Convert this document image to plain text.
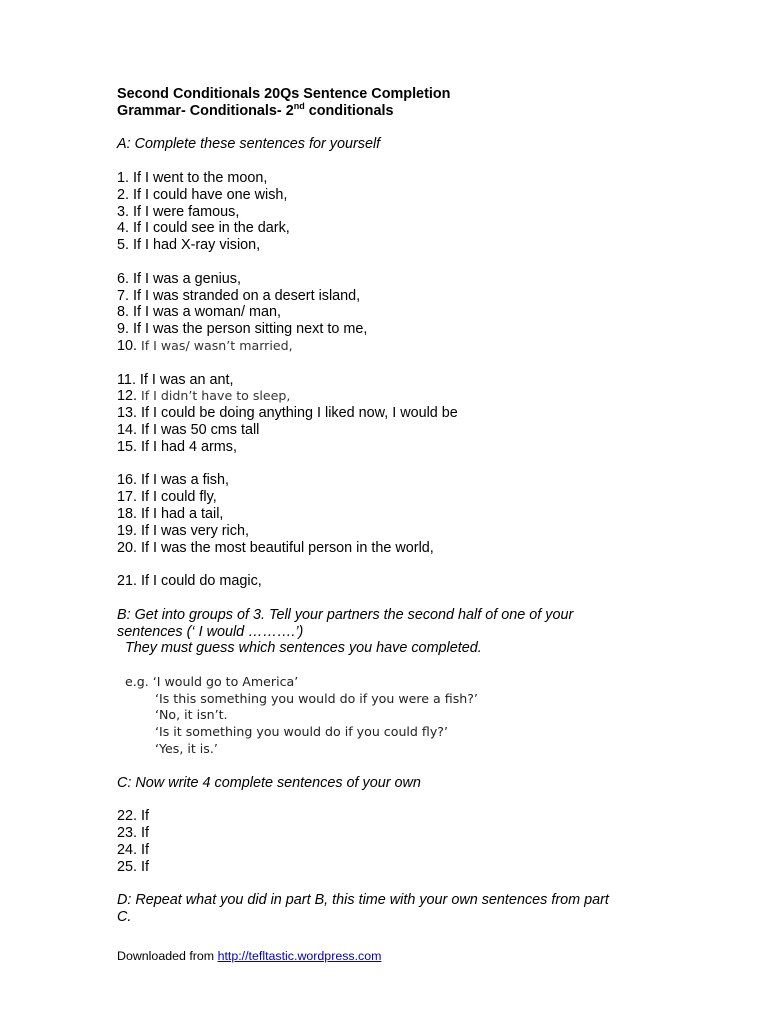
Second Conditionals 20Qs Sentence Completion

Grammar- Conditionals- 2nd conditionals

A: Complete these sentences for yourself

1. If I went to the moon,
2. If I could have one wish,
3. If I were famous,
4. If I could see in the dark,
5. If I had X-ray vision,
6. If I was a genius,
7. If I was stranded on a desert island,
8. If I was a woman/ man,
9. If I was the person sitting next to me,
10. If I was/ wasn’t married,
11. If I was an ant,
12. If I didn’t have to sleep,
13. If I could be doing anything I liked now, I would be
14. If I was 50 cms tall
15. If I had 4 arms,
16. If I was a fish,
17. If I could fly,
18. If I had a tail,
19. If I was very rich,
20. If I was the most beautiful person in the world,
21. If I could do magic,

B: Get into groups of 3. Tell your partners the second half of one of your

sentences (‘ I would ……….’)

They must guess which sentences you have completed.

e.g. ‘I would go to America’
‘Is this something you would do if you were a fish?’
‘No, it isn’t.
‘Is it something you would do if you could fly?’
‘Yes, it is.’

C: Now write 4 complete sentences of your own

22. If
23. If
24. If
25. If

D: Repeat what you did in part B, this time with your own sentences from part

C.

Downloaded from http://tefltastic.wordpress.com
